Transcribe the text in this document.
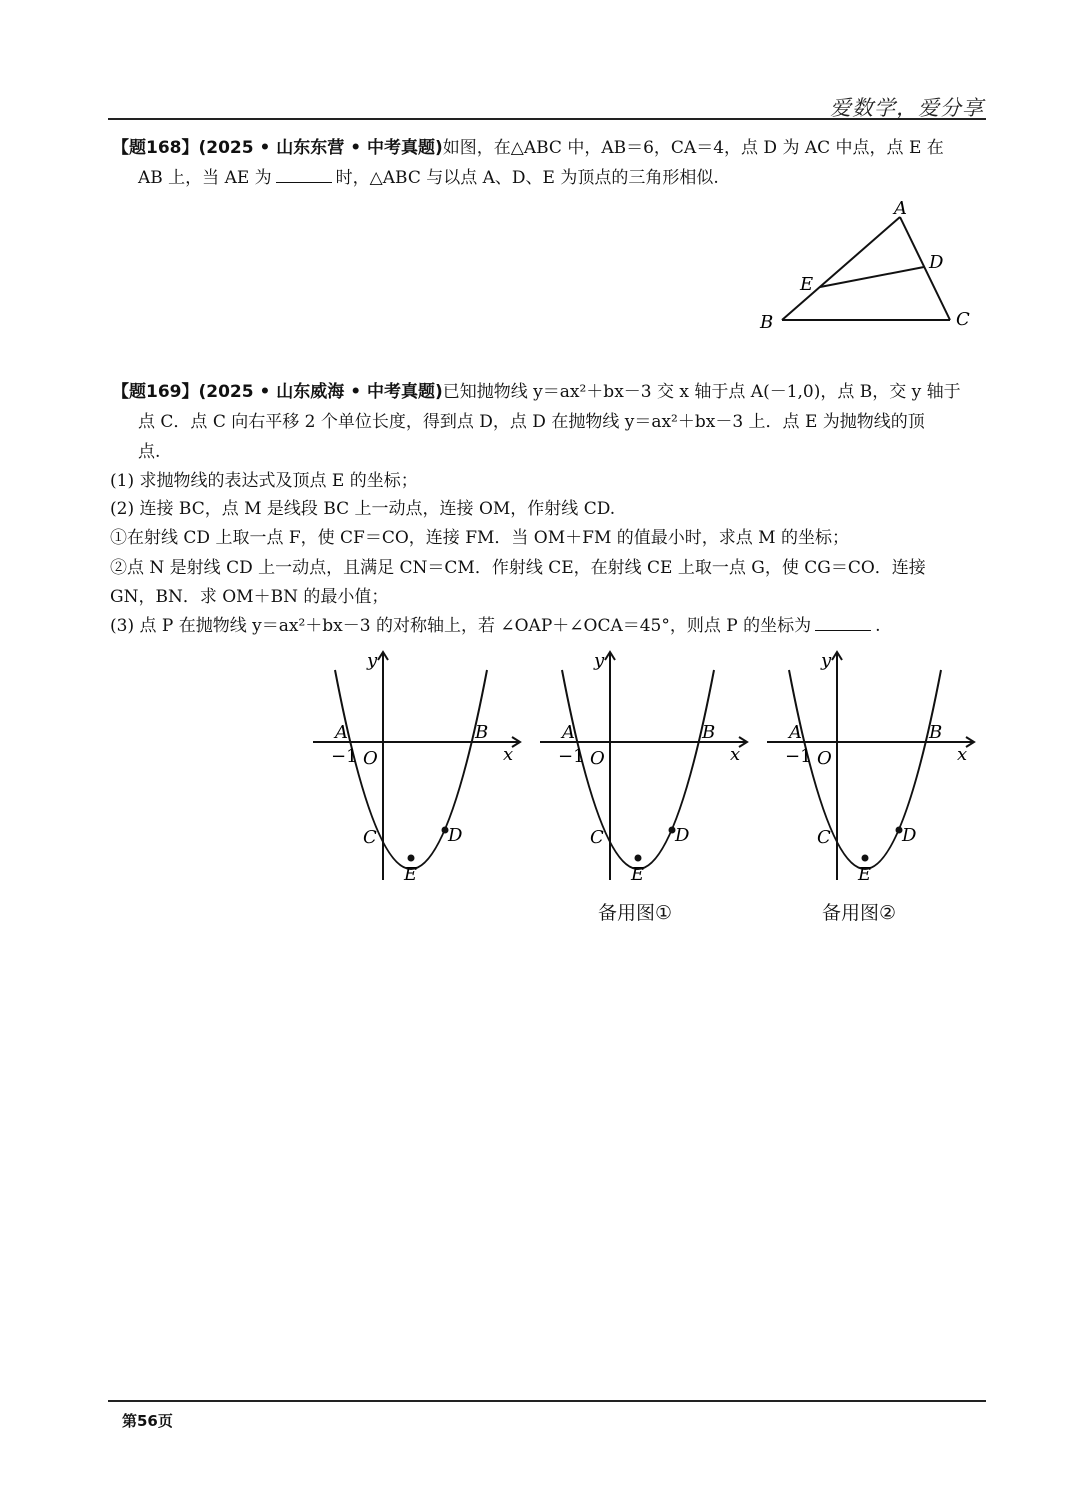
爱数学，爱分享
【题168】(2025 • 山东东营 • 中考真题)如图，在△ABC 中，AB＝6，CA＝4，点 D 为 AC 中点，点 E 在
AB 上，当 AE 为	时，△ABC 与以点 A、D、E 为顶点的三角形相似.
A
B	C
D
E
【题169】(2025 • 山东威海 • 中考真题)已知抛物线 y＝ax²＋bx－3 交 x 轴于点 A(－1,0)，点 B，交 y 轴于
点 C．点 C 向右平移 2 个单位长度，得到点 D，点 D 在抛物线 y＝ax²＋bx－3 上．点 E 为抛物线的顶
点.
(1) 求抛物线的表达式及顶点 E 的坐标；
(2) 连接 BC，点 M 是线段 BC 上一动点，连接 OM，作射线 CD.
①在射线 CD 上取一点 F，使 CF＝CO，连接 FM．当 OM＋FM 的值最小时，求点 M 的坐标；
②点 N 是射线 CD 上一动点，且满足 CN＝CM．作射线 CE，在射线 CE 上取一点 G，使 CG＝CO．连接
GN，BN．求 OM＋BN 的最小值；
(3) 点 P 在抛物线 y＝ax²＋bx－3 的对称轴上，若 ∠OAP＋∠OCA＝45°，则点 P 的坐标为	.
y
x
A	B
−1 O
C	D
E
y
x
A	B
−1 O
C	D
E
y
x
A	B
−1 O
C	D
E
备用图①	备用图②
第56页
